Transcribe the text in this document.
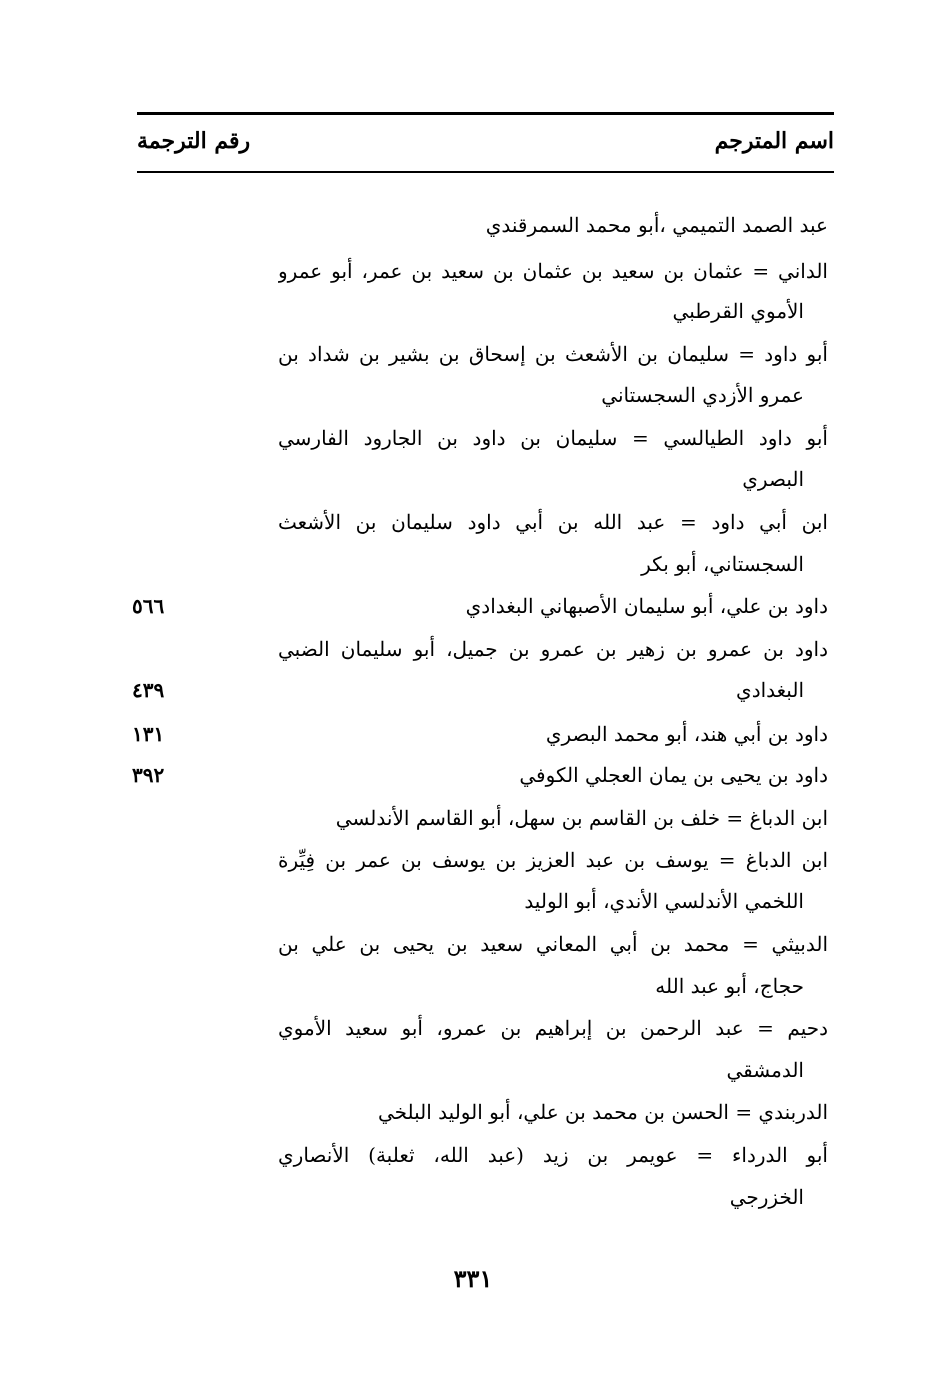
اسم المترجم
رقم الترجمة
عبد الصمد التميمي ،أبو محمد السمرقندي
الداني = عثمان بن سعيد بن عثمان بن سعيد بن عمر، أبو عمرو
الأموي القرطبي
أبو داود = سليمان بن الأشعث بن إسحاق بن بشير بن شداد بن
عمرو الأزدي السجستاني
أبو داود الطيالسي = سليمان بن داود بن الجارود الفارسي
البصري
ابن أبي داود = عبد الله بن أبي داود سليمان بن الأشعث
السجستاني، أبو بكر
داود بن علي، أبو سليمان الأصبهاني البغدادي
٥٦٦
داود بن عمرو بن زهير بن عمرو بن جميل، أبو سليمان الضبي
البغدادي
٤٣٩
داود بن أبي هند، أبو محمد البصري
١٣١
داود بن يحيى بن يمان العجلي الكوفي
٣٩٢
ابن الدباغ = خلف بن القاسم بن سهل، أبو القاسم الأندلسي
ابن الدباغ = يوسف بن عبد العزيز بن يوسف بن عمر بن فِيِّرة
اللخمي الأندلسي الأندي، أبو الوليد
الدبيثي = محمد بن أبي المعاني سعيد بن يحيى بن علي بن
حجاج، أبو عبد الله
دحيم = عبد الرحمن بن إبراهيم بن عمرو، أبو سعيد الأموي
الدمشقي
الدربندي = الحسن بن محمد بن علي، أبو الوليد البلخي
أبو الدرداء = عويمر بن زيد (عبد الله، ثعلبة) الأنصاري
الخزرجي
٣٣١
